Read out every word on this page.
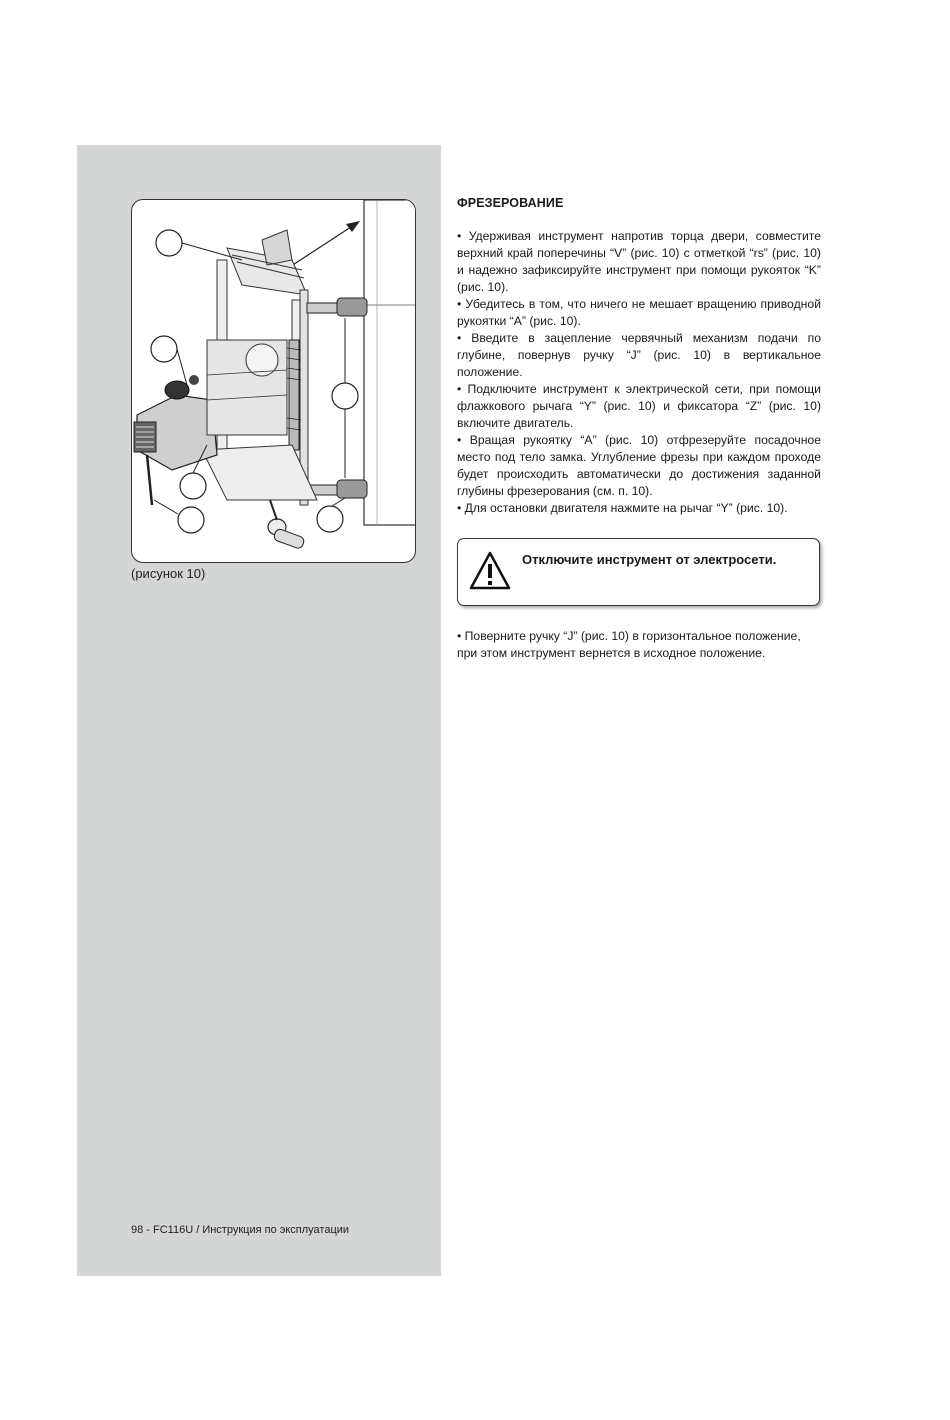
(рисунок 10)
ФРЕЗЕРОВАНИЕ

• Удерживая инструмент напротив торца двери, совместите верхний край поперечины “V” (рис. 10) с отметкой “rs” (рис. 10) и надежно зафиксируйте инструмент при помощи рукояток “K” (рис. 10).

• Убедитесь в том, что ничего не мешает вращению приводной рукоятки “A” (рис. 10).

• Введите в зацепление червячный механизм подачи по глубине, повернув ручку “J” (рис. 10) в вертикальное положение.

• Подключите инструмент к электрической сети, при помощи флажкового рычага “Y” (рис. 10) и фиксатора “Z” (рис. 10) включите двигатель.

• Вращая рукоятку “A” (рис. 10) отфрезеруйте посадочное место под тело замка. Углубление фрезы при каждом проходе будет происходить автоматически до достижения заданной глубины фрезерования (см. п. 10).

• Для остановки двигателя нажмите на рычаг “Y” (рис. 10).

Отключите инструмент от электросети.

• Поверните ручку “J” (рис. 10) в горизонтальное положение, при этом инструмент вернется в исходное положение.

98 - FC116U / Инструкция по эксплуатации
